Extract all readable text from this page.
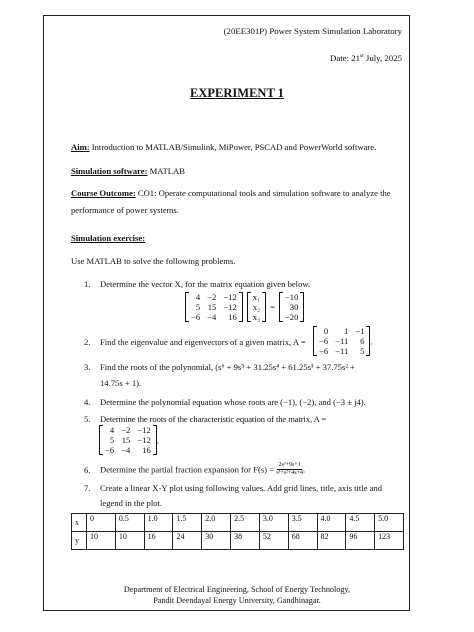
(20EE301P) Power System Simulation Laboratory
Date: 21st July, 2025
EXPERIMENT 1
Aim: Introduction to MATLAB/Simulink, MiPower, PSCAD and PowerWorld software.
Simulation software: MATLAB
Course Outcome: CO1: Operate computational tools and simulation software to analyze the
performance of power systems.
Simulation exercise:
Use MATLAB to solve the following problems.
1. Determine the vector X, for the matrix equation given below.
4 −2 −12
5 15 −12
−6 −4	16

x₁
x₂
x₃
=
−10
30
−20
2. Find the eigenvalue and eigenvectors of a given matrix, A =
0	1 −1
−6 −11	6
−6 −11	5
.
3. Find the roots of the polynomial, (s⁶ + 9s⁵ + 31.25s⁴ + 61.25s³ + 37.75s² +
14.75s + 1).
4. Determine the polynomial equation whose roots are (−1), (−2), and (−3 ± j4).
5. Determine the roots of the characteristic equation of the matrix, A =
4 −2 −12
5 15 −12
−6 −4	16
.
6. Determine the partial fraction expansion for $F(s) = \frac{\text{2s³+9s+1}}{\text{s³+s²+4s+4}}$ .
7. Create a linear X-Y plot using following values. Add grid lines, title, axis title and
legend in the plot.
x	0	0.5	1.0	1.5	2.0	2.5	3.0	3.5	4.0	4.5	5.0
y	10	10	16	24	30	38	52	68	82	96	123
Department of Electrical Engineering, School of Energy Technology,
Pandit Deendayal Energy University, Gandhinagar.
